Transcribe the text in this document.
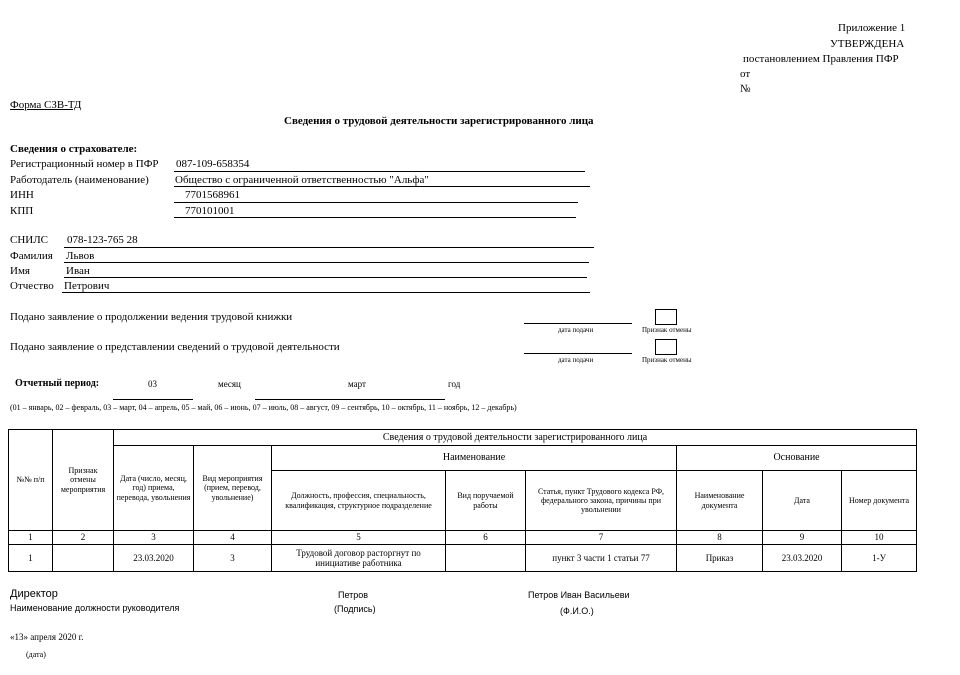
Приложение 1
УТВЕРЖДЕНА
постановлением Правления ПФР
от
№
Форма СЗВ-ТД
Сведения о трудовой деятельности зарегистрированного лица
Сведения о страхователе:
Регистрационный номер в ПФР 087-109-658354
Работодатель (наименование) Общество с ограниченной ответственностью "Альфа"
ИНН	7701568961
КПП	770101001
СНИЛС 078-123-765 28
Фамилия Львов
Имя	Иван
Отчество Петрович
Подано заявление о продолжении ведения трудовой книжки
дата подачи	Признак отмены
Подано заявление о представлении сведений о трудовой деятельности
дата подачи	Признак отмены
Отчетный период:	03	месяц	март	год
(01 – январь, 02 – февраль, 03 – март, 04 – апрель, 05 – май, 06 – июнь, 07 – июль, 08 – август, 09 – сентябрь, 10 – октябрь, 11 – ноябрь, 12 – декабрь)
№№ п/п	Признак отмены мероприятия	Сведения о трудовой деятельности зарегистрированного лица							
		Дата (число, месяц, год) приема, перевода, увольнения	Вид мероприятия (прием, перевод, увольнение)	Наименование			Основание		
				Должность, профессия, специальность, квалификация, структурное подразделение	Вид поручаемой работы	Статья, пункт Трудового кодекса РФ, федерального закона, причины при увольнении	Наименование документа	Дата	Номер документа
1	2	3	4	5	6	7	8	9	10
1		23.03.2020	3	Трудовой договор расторгнут по инициативе работника		пункт 3 части 1 статьи 77	Приказ	23.03.2020	1-У
Директор
Наименование должности руководителя
Петров
(Подпись)
Петров Иван Васильеви
(Ф.И.О.)
«13» апреля 2020 г.
(дата)
